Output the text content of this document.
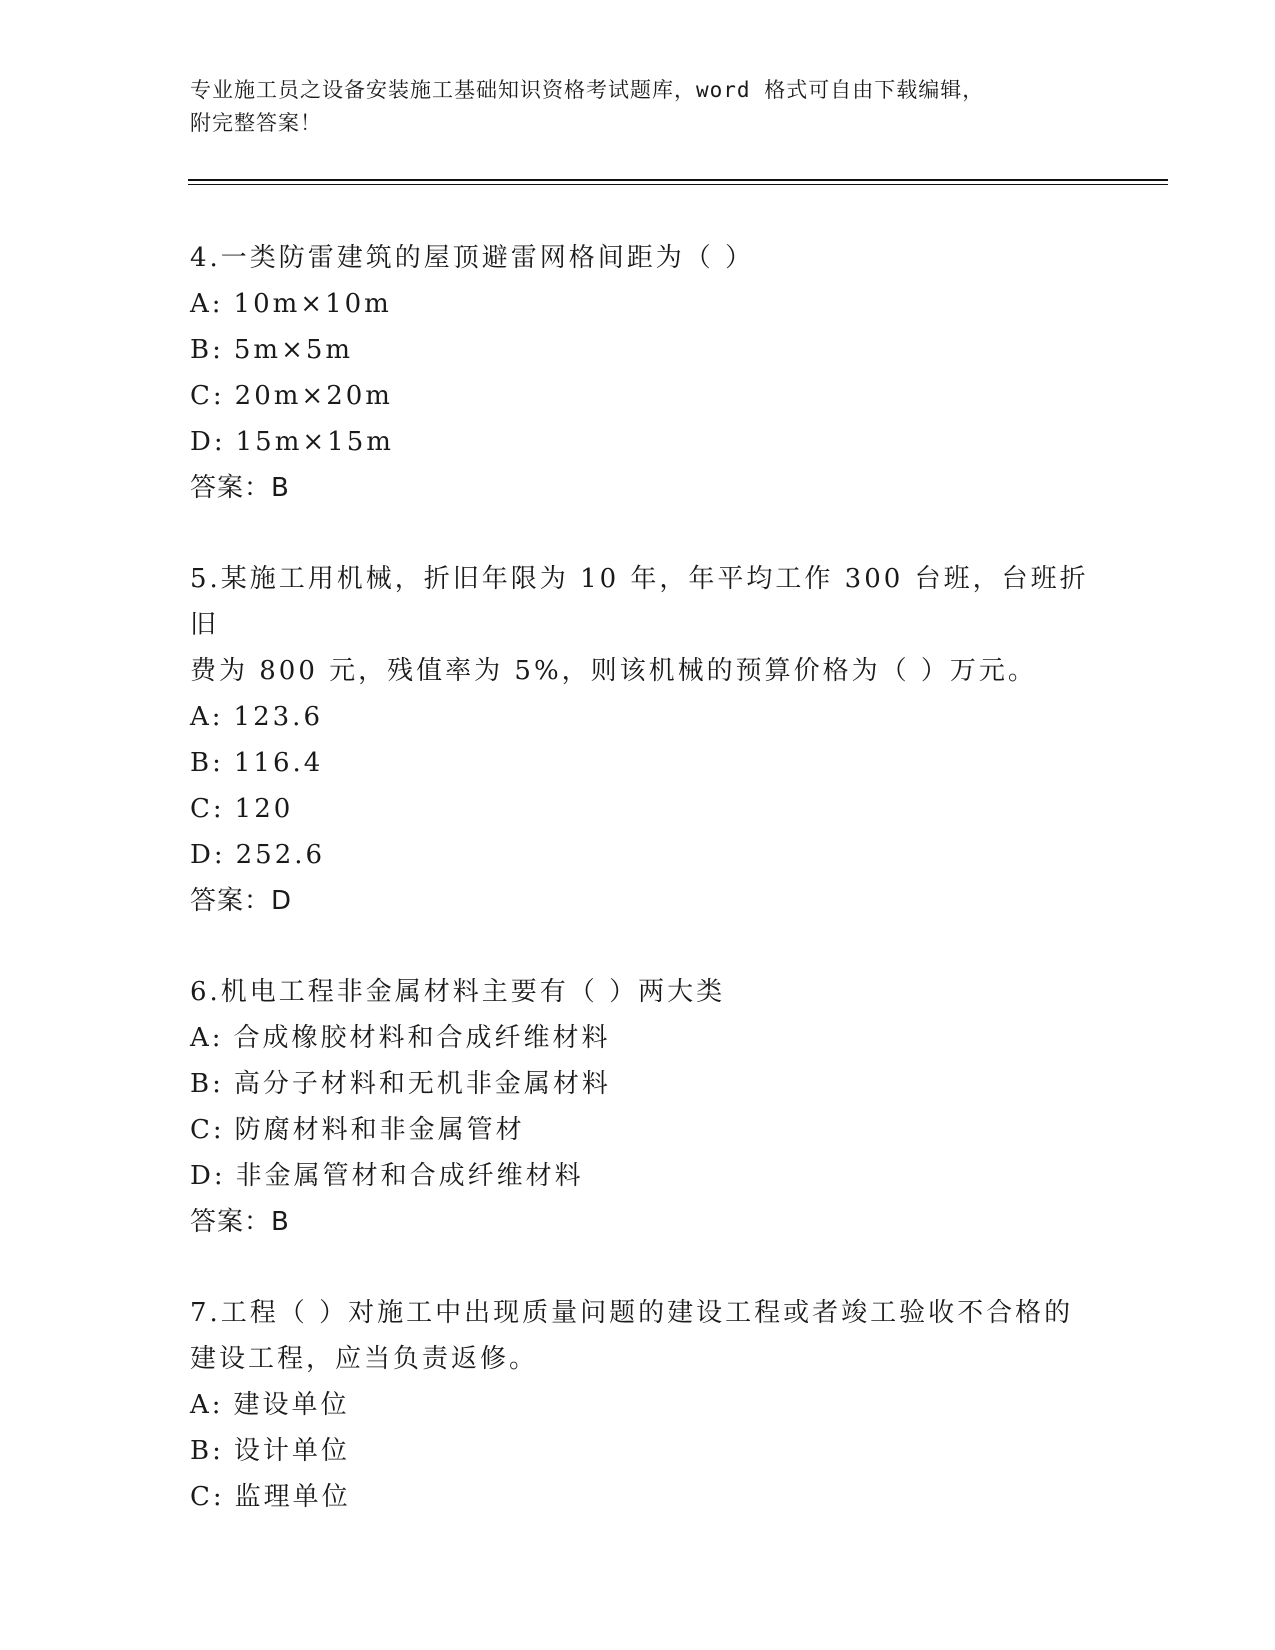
专业施工员之设备安装施工基础知识资格考试题库，word 格式可自由下载编辑，
附完整答案！

4.一类防雷建筑的屋顶避雷网格间距为（ ）

A: 10m×10m

B: 5m×5m

C: 20m×20m

D: 15m×15m

答案：B

5.某施工用机械，折旧年限为 10 年，年平均工作 300 台班，台班折旧

费为 800 元，残值率为 5%，则该机械的预算价格为（ ）万元。

A: 123.6

B: 116.4

C: 120

D: 252.6

答案：D

6.机电工程非金属材料主要有（ ）两大类

A: 合成橡胶材料和合成纤维材料

B: 高分子材料和无机非金属材料

C: 防腐材料和非金属管材

D: 非金属管材和合成纤维材料

答案：B

7.工程（ ）对施工中出现质量问题的建设工程或者竣工验收不合格的

建设工程，应当负责返修。

A: 建设单位

B: 设计单位

C: 监理单位
